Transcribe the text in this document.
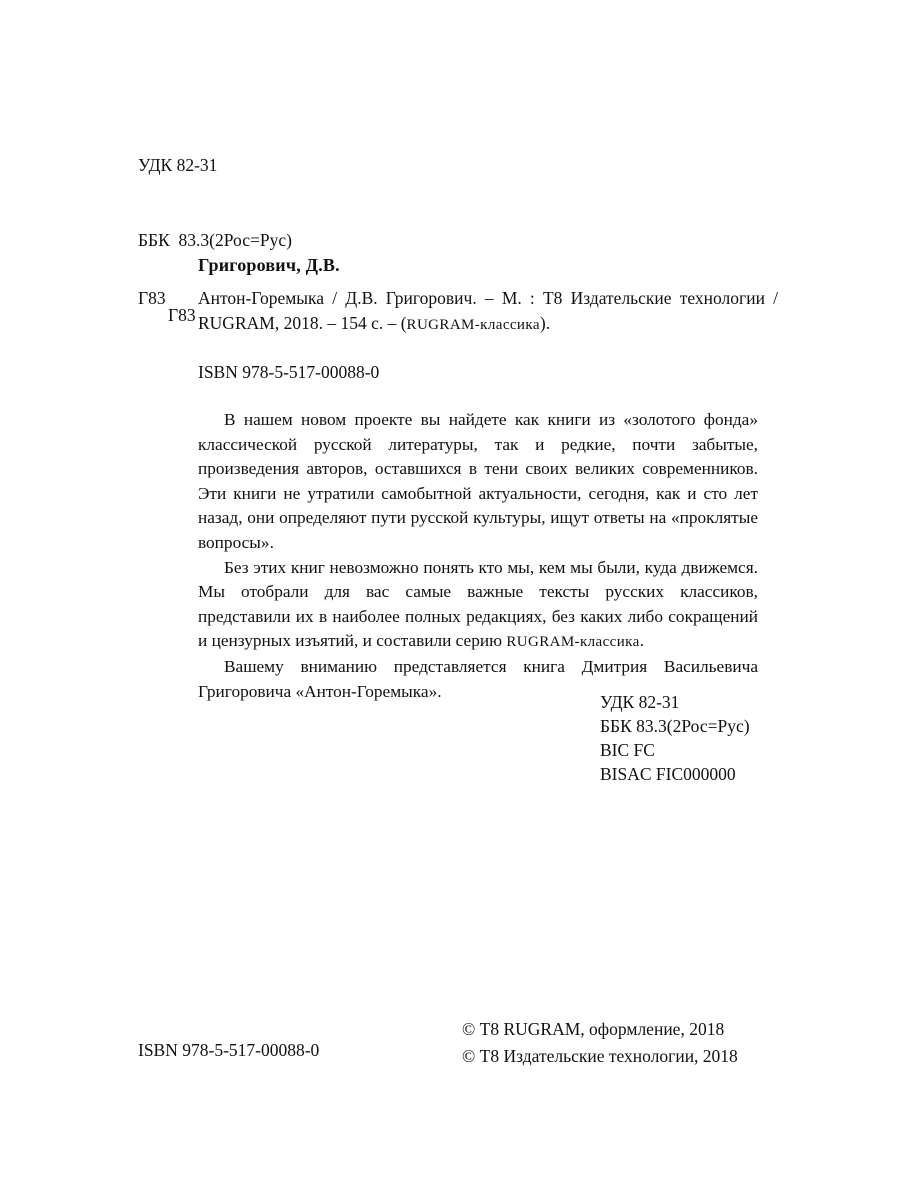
УДК 82-31

ББК  83.3(2Рос=Рус)

Г83

Григорович, Д.В.
Г83 Антон-Горемыка / Д.В. Григорович. – М. : Т8 Издательские технологии / RUGRAM, 2018. – 154 с. – (RUGRAM-классика).
ISBN 978-5-517-00088-0

В нашем новом проекте вы найдете как книги из «золотого фонда» классической русской литературы, так и редкие, почти забытые, произведения авторов, оставшихся в тени своих великих современников. Эти книги не утратили самобытной актуальности, сегодня, как и сто лет назад, они определяют пути русской культуры, ищут ответы на «проклятые вопросы».

Без этих книг невозможно понять кто мы, кем мы были, куда движемся. Мы отобрали для вас самые важные тексты русских классиков, представили их в наиболее полных редакциях, без каких либо сокращений и цензурных изъятий, и составили серию RUGRAM-классика.

Вашему вниманию представляется книга Дмитрия Васильевича Григоровича «Антон-Горемыка».

УДК 82-31
ББК 83.3(2Рос=Рус)
BIC FC
BISAC FIC000000
ISBN 978-5-517-00088-0
© Т8 RUGRAM, оформление, 2018
© Т8 Издательские технологии, 2018
